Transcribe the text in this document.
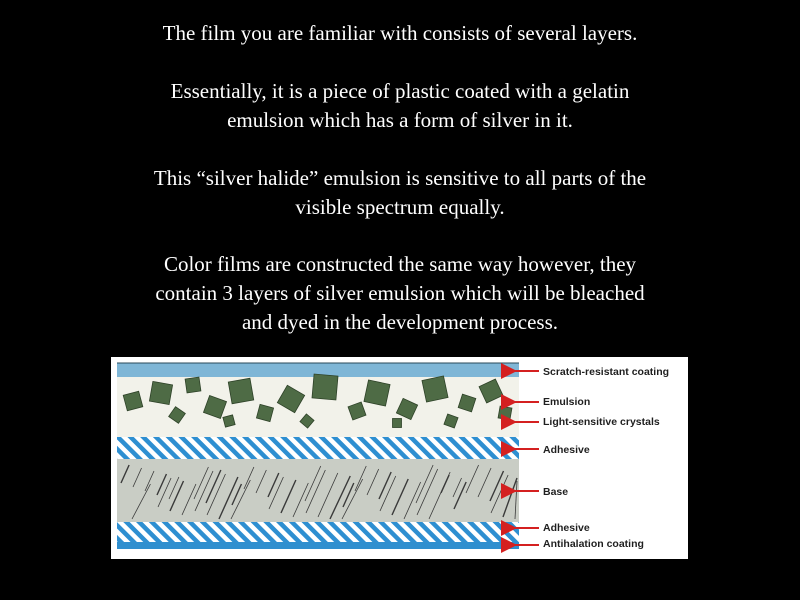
The film you are familiar with consists of several layers.

Essentially, it is a piece of plastic coated with a gelatin
emulsion which has a form of silver in it.

This “silver halide” emulsion is sensitive to all parts of the
visible spectrum equally.

Color films are constructed the same way however, they
contain 3 layers of silver emulsion which will be bleached
and dyed in the development process.

Scratch-resistant coating
Emulsion
Light-sensitive crystals
Adhesive
Base
Adhesive
Antihalation coating
